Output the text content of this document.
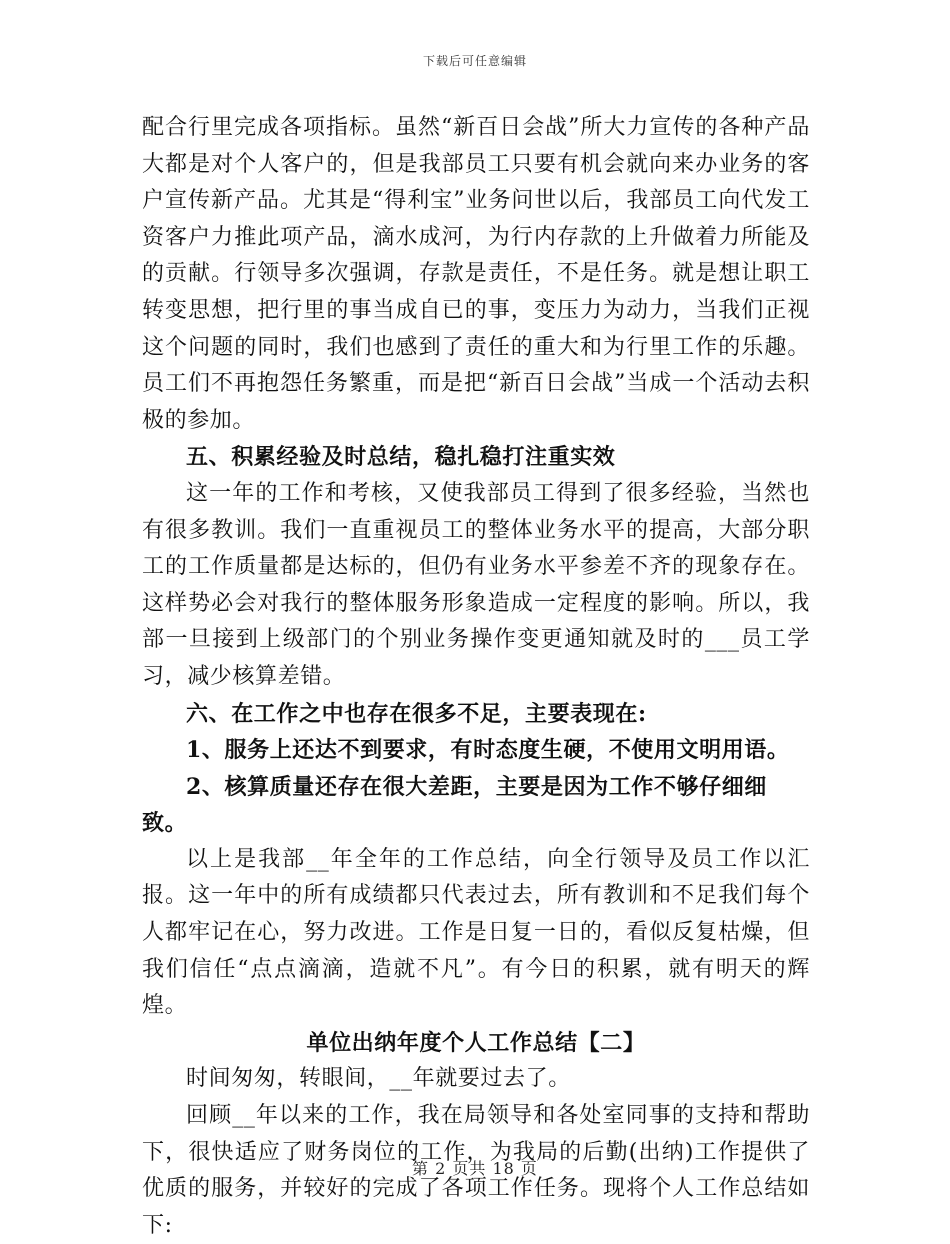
下载后可任意编辑

配合行里完成各项指标。虽然“新百日会战”所大力宣传的各种产品大都是对个人客户的，但是我部员工只要有机会就向来办业务的客户宣传新产品。尤其是“得利宝”业务问世以后，我部员工向代发工资客户力推此项产品，滴水成河，为行内存款的上升做着力所能及的贡献。行领导多次强调，存款是责任，不是任务。就是想让职工转变思想，把行里的事当成自已的事，变压力为动力，当我们正视这个问题的同时，我们也感到了责任的重大和为行里工作的乐趣。员工们不再抱怨任务繁重，而是把“新百日会战”当成一个活动去积极的参加。

五、积累经验及时总结，稳扎稳打注重实效

这一年的工作和考核，又使我部员工得到了很多经验，当然也有很多教训。我们一直重视员工的整体业务水平的提高，大部分职工的工作质量都是达标的，但仍有业务水平参差不齐的现象存在。这样势必会对我行的整体服务形象造成一定程度的影响。所以，我部一旦接到上级部门的个别业务操作变更通知就及时的___员工学习，减少核算差错。

六、在工作之中也存在很多不足，主要表现在:

1、服务上还达不到要求，有时态度生硬，不使用文明用语。

2、核算质量还存在很大差距，主要是因为工作不够仔细细致。

以上是我部__年全年的工作总结，向全行领导及员工作以汇报。这一年中的所有成绩都只代表过去，所有教训和不足我们每个人都牢记在心，努力改进。工作是日复一日的，看似反复枯燥，但我们信任“点点滴滴，造就不凡”。有今日的积累，就有明天的辉煌。

单位出纳年度个人工作总结【二】

时间匆匆，转眼间，__年就要过去了。

回顾__年以来的工作，我在局领导和各处室同事的支持和帮助下，很快适应了财务岗位的工作，为我局的后勤(出纳)工作提供了优质的服务，并较好的完成了各项工作任务。现将个人工作总结如下:

第 2 页共 18 页
